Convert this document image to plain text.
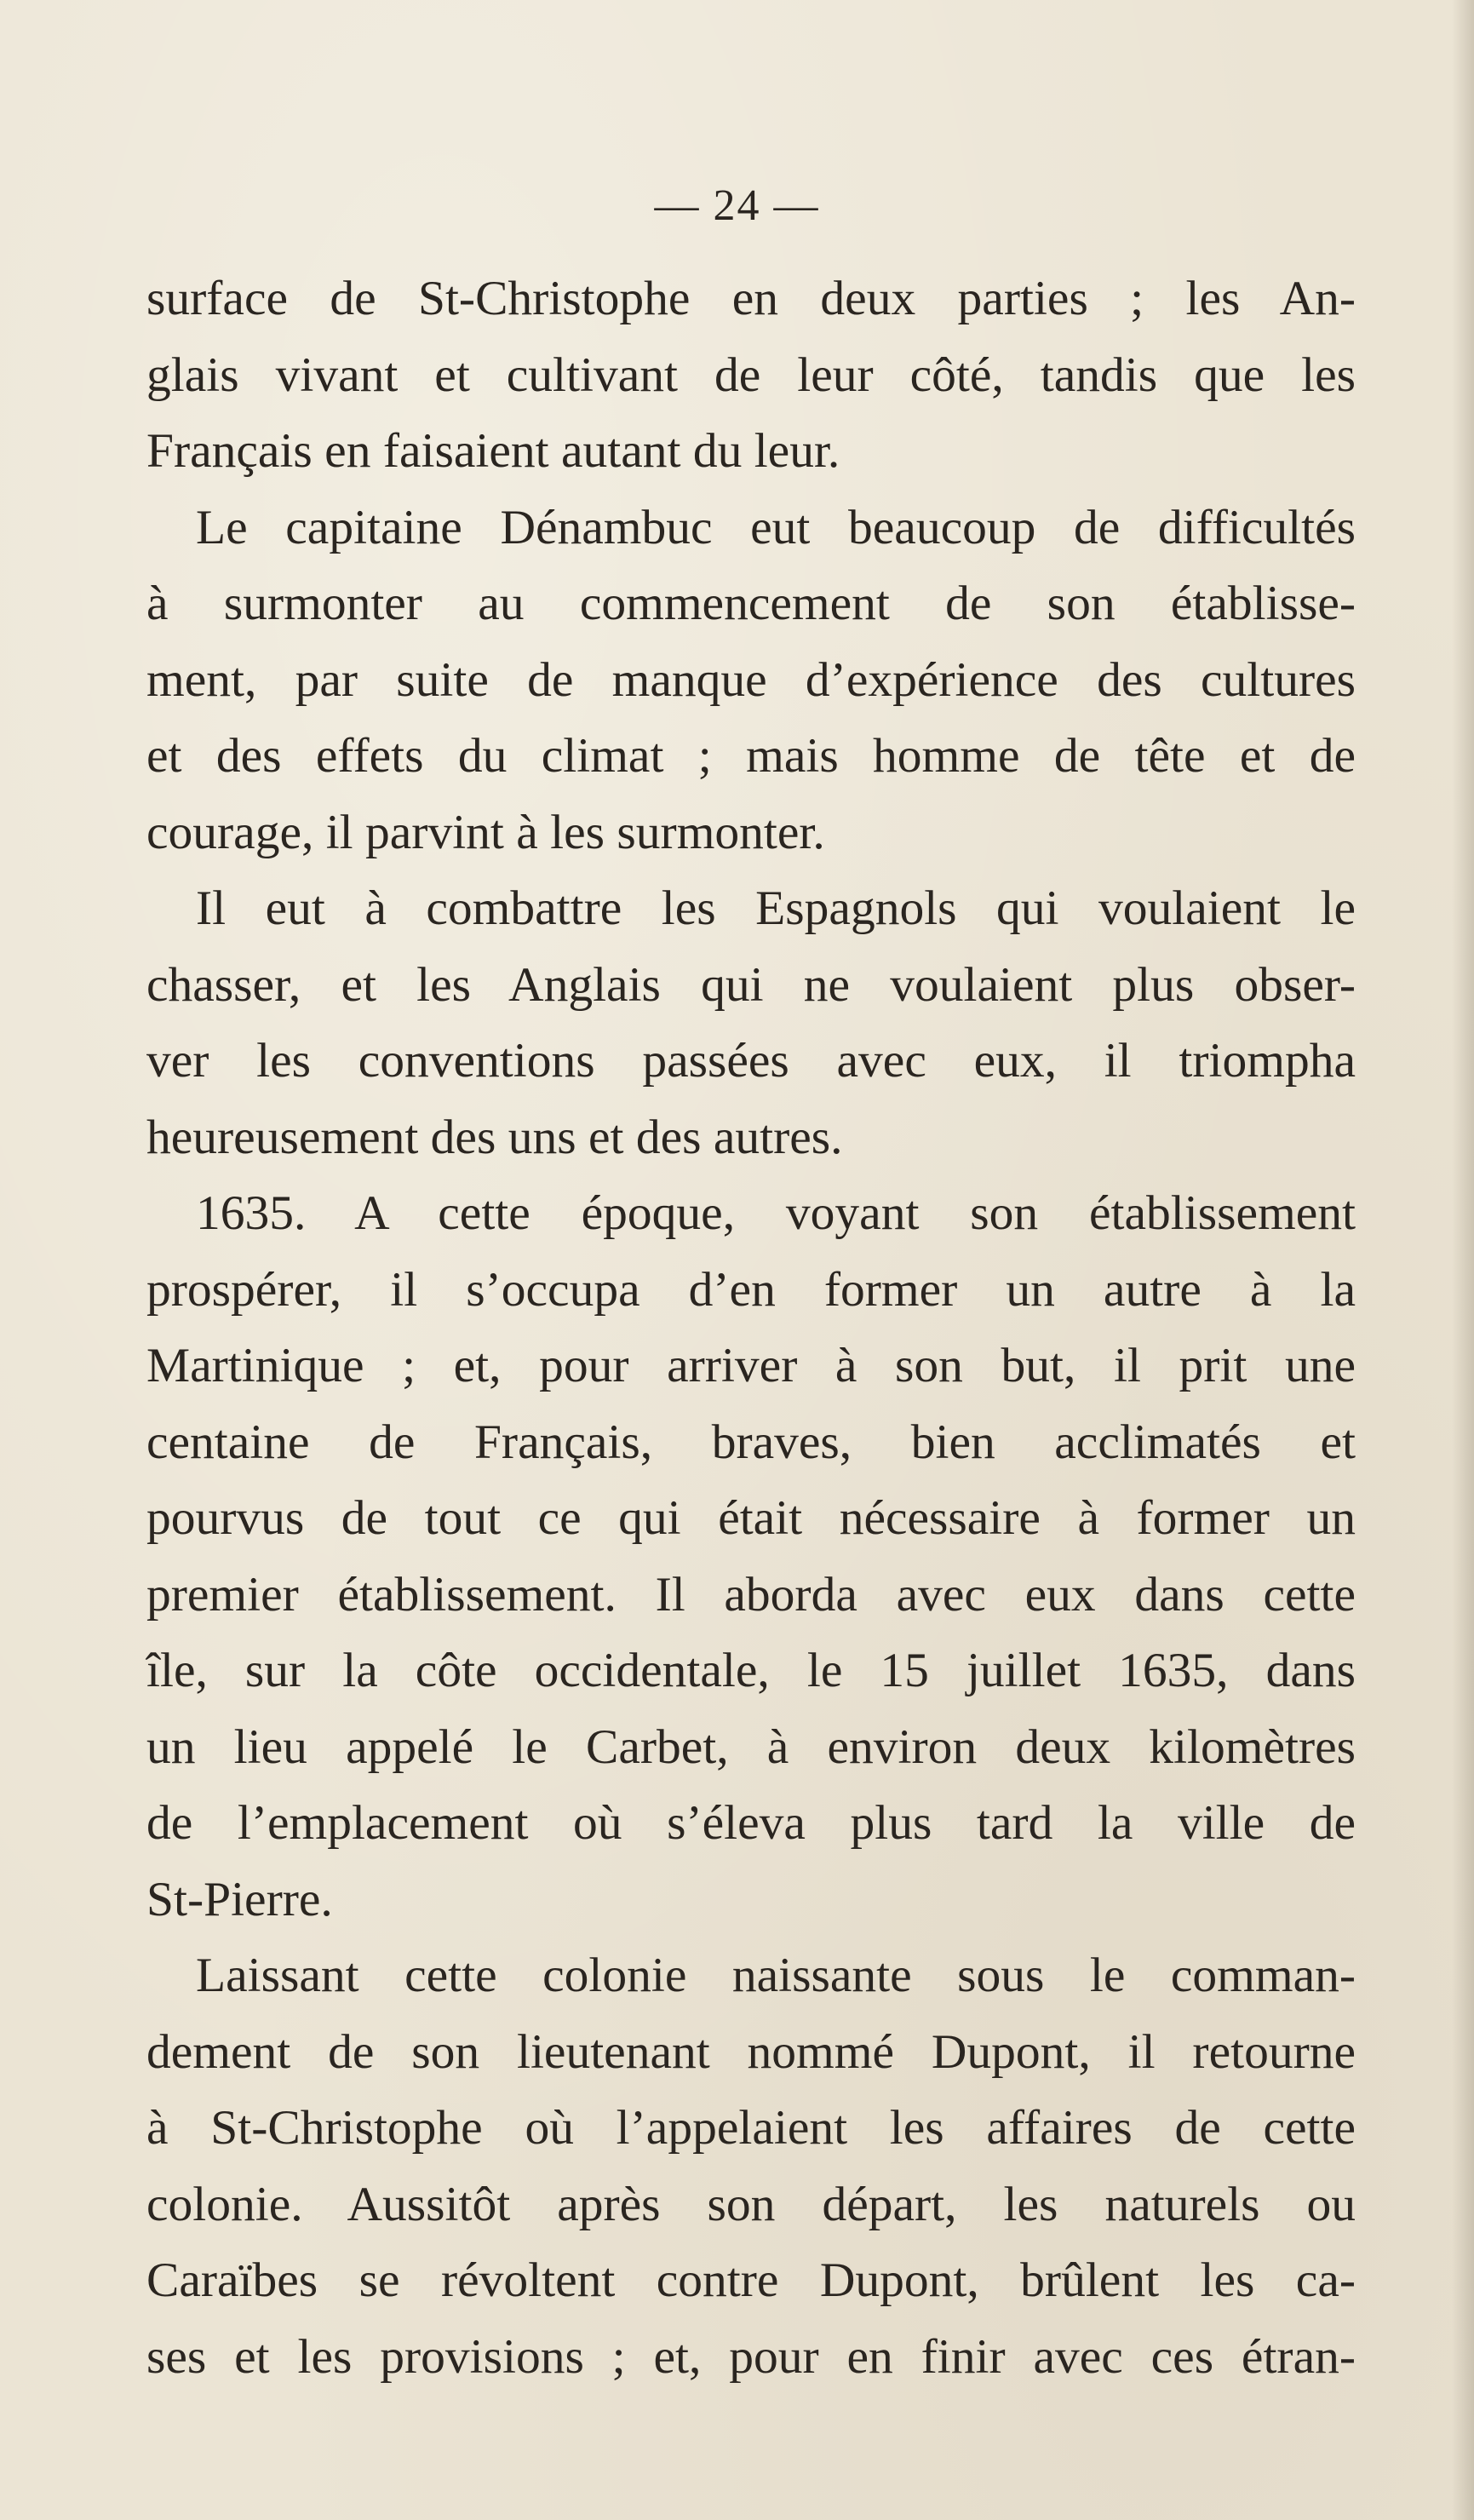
— 24 —
surface de St-Christophe en deux parties ; les An-
glais vivant et cultivant de leur côté, tandis que les
Français en faisaient autant du leur.
Le capitaine Dénambuc eut beaucoup de difficultés
à surmonter au commencement de son établisse-
ment, par suite de manque d’expérience des cultures
et des effets du climat ; mais homme de tête et de
courage, il parvint à les surmonter.
Il eut à combattre les Espagnols qui voulaient le
chasser, et les Anglais qui ne voulaient plus obser-
ver les conventions passées avec eux, il triompha
heureusement des uns et des autres.
1635. A cette époque, voyant son établissement
prospérer, il s’occupa d’en former un autre à la
Martinique ; et, pour arriver à son but, il prit une
centaine de Français, braves, bien acclimatés et
pourvus de tout ce qui était nécessaire à former un
premier établissement. Il aborda avec eux dans cette
île, sur la côte occidentale, le 15 juillet 1635, dans
un lieu appelé le Carbet, à environ deux kilomètres
de l’emplacement où s’éleva plus tard la ville de
St-Pierre.
Laissant cette colonie naissante sous le comman-
dement de son lieutenant nommé Dupont, il retourne
à St-Christophe où l’appelaient les affaires de cette
colonie. Aussitôt après son départ, les naturels ou
Caraïbes se révoltent contre Dupont, brûlent les ca-
ses et les provisions ; et, pour en finir avec ces étran-
